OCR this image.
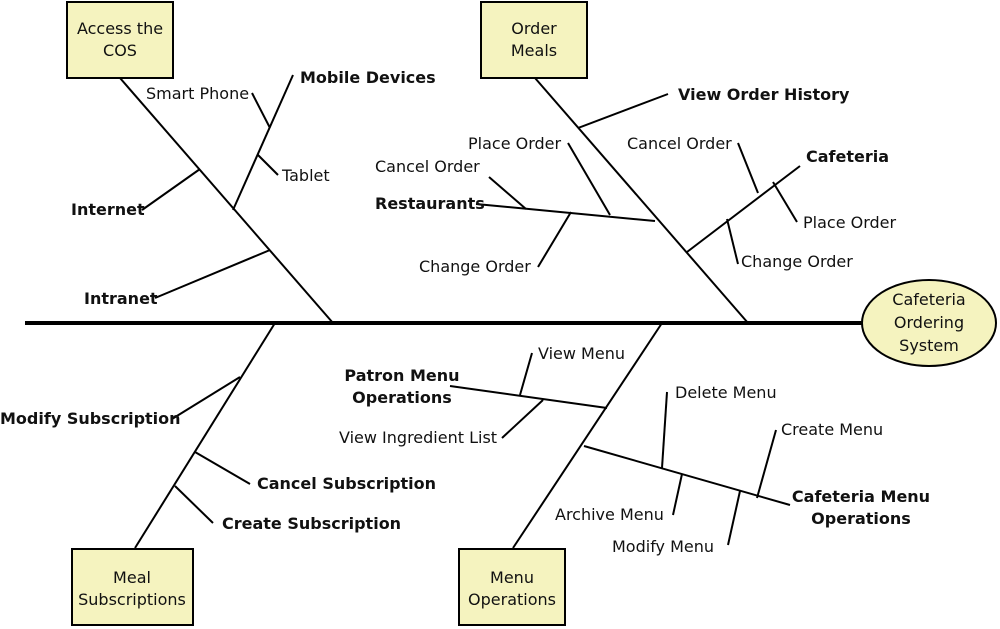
Access the
COS
Order
Meals
Meal
Subscriptions
Menu
Operations
Cafeteria
Ordering
System
Mobile Devices
Smart Phone
Tablet
Internet
Intranet
View Order History
Place Order
Cancel Order
Restaurants
Change Order
Cancel Order
Cafeteria
Place Order
Change Order
Modify Subscription
Cancel Subscription
Create Subscription
Patron Menu
Operations
View Menu
View Ingredient List
Delete Menu
Create Menu
Cafeteria Menu
Operations
Archive Menu
Modify Menu
